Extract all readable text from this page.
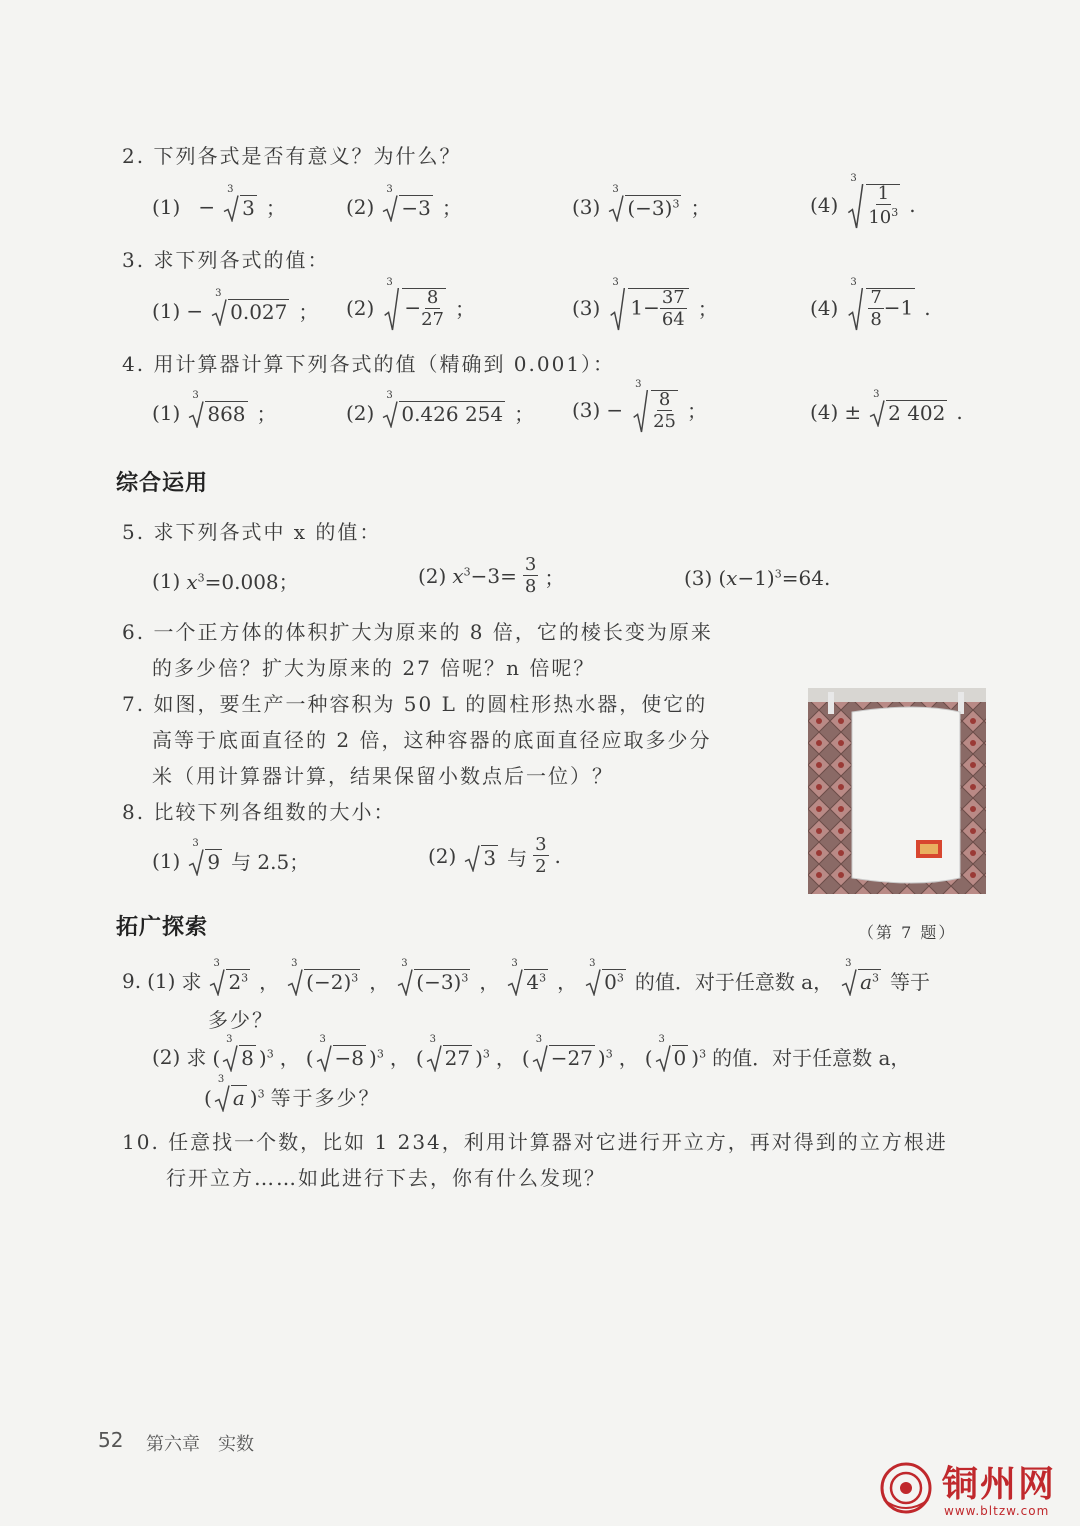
2. 下列各式是否有意义？为什么？
(1) −
3
3 ；	(2)
3
−3 ；	(3)
3
$(-3)^3$ ；	(4)
3
$\frac{1}{10^3}$ .
3. 求下列各式的值：
(1) −
3
0.027 ； (2)
3
− $\frac{8}{27}$ ；	(3)
3
$1- \frac{37}{64}$ ；	(4)
3
$\frac{7}{8} -1$ .
4. 用计算器计算下列各式的值（精确到 0.001）：
(1)
3
868 ；	(2)
3
0.426 254 ； (3) −
3
$\frac{8}{25}$ ；	(4) ±
3
2 402 .
综合运用
5. 求下列各式中 x 的值：
(1) $x^3=0.008$；	(2) $x^3-3= \frac{3}{8}$ ；	(3) $(x-1)^3=64$.
6. 一个正方体的体积扩大为原来的 8 倍，它的棱长变为原来
的多少倍？扩大为原来的 27 倍呢？n 倍呢？
7. 如图，要生产一种容积为 50 L 的圆柱形热水器，使它的
高等于底面直径的 2 倍，这种容器的底面直径应取多少分
米（用计算器计算，结果保留小数点后一位）？
8. 比较下列各组数的大小：
(1)
3
9 与 2.5；	(2)	3 与 $\frac{3}{2}$ .
（第 7 题）
拓广探索
9. (1) 求
3
$2^3$ ，
3
$(-2)^3$ ，
3
$(-3)^3$ ，
3
$4^3$ ，
3
$0^3$ 的值．对于任意数 a，
3
$a^3$ 等于
多少？
(2) 求 (
3
8 )$^3$ ， (
3
−8 )$^3$ ， (
3
27 )$^3$ ， (
3
−27 )$^3$ ， (
3
0 )$^3$ 的值．对于任意数 a，
(
3
a )$^3$ 等于多少？
10. 任意找一个数，比如 1 234，利用计算器对它进行开立方，再对得到的立方根进
行开立方……如此进行下去，你有什么发现？
52 第六章　实数
铜州网
www.bltzw.com
